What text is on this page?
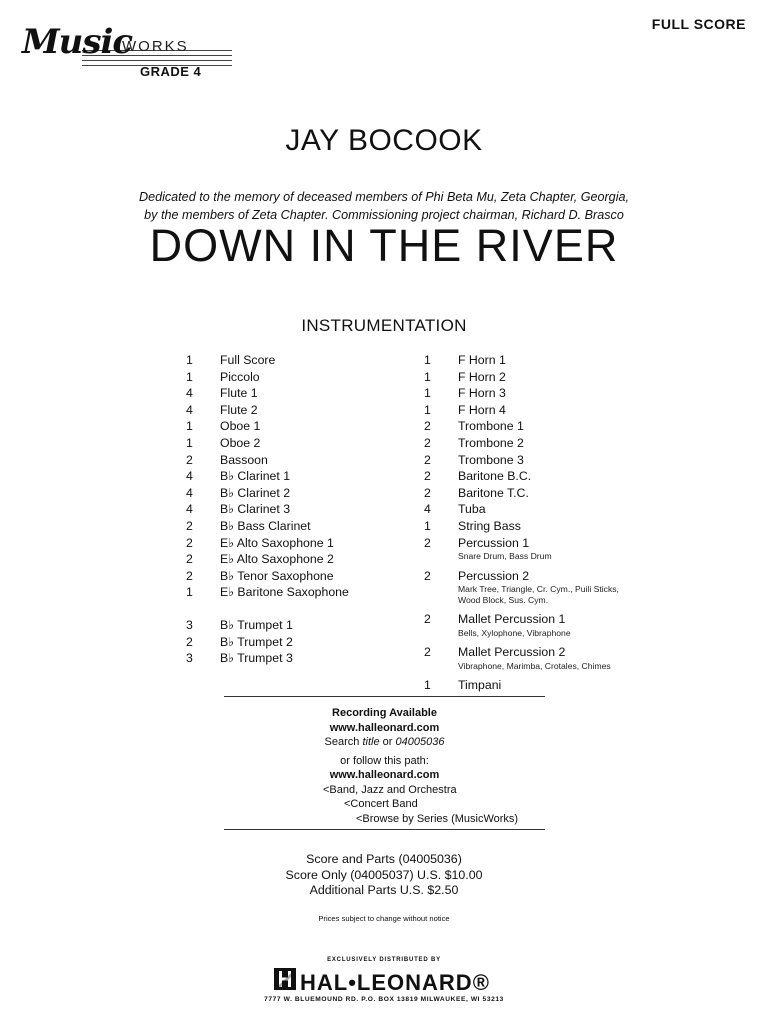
Music
WORKS
GRADE 4
FULL SCORE
JAY BOCOOK
Dedicated to the memory of deceased members of Phi Beta Mu, Zeta Chapter, Georgia,
by the members of Zeta Chapter. Commissioning project chairman, Richard D. Brasco
DOWN IN THE RIVER
INSTRUMENTATION
1	Full Score
1	Piccolo
4	Flute 1
4	Flute 2
1	Oboe 1
1	Oboe 2
2	Bassoon
4	B♭ Clarinet 1
4	B♭ Clarinet 2
4	B♭ Clarinet 3
2	B♭ Bass Clarinet
2	E♭ Alto Saxophone 1
2	E♭ Alto Saxophone 2
2	B♭ Tenor Saxophone
1	E♭ Baritone Saxophone
3	B♭ Trumpet 1
2	B♭ Trumpet 2
3	B♭ Trumpet 3
1	F Horn 1
1	F Horn 2
1	F Horn 3
1	F Horn 4
2	Trombone 1
2	Trombone 2
2	Trombone 3
2	Baritone B.C.
2	Baritone T.C.
4	Tuba
1	String Bass
2	Percussion 1
Snare Drum, Bass Drum
2	Percussion 2
Mark Tree, Triangle, Cr. Cym., Puili Sticks, Wood Block, Sus. Cym.
2	Mallet Percussion 1
Bells, Xylophone, Vibraphone
2	Mallet Percussion 2
Vibraphone, Marimba, Crotales, Chimes
1	Timpani
Recording Available
www.halleonard.com
Search title or 04005036
or follow this path:
www.halleonard.com
<Band, Jazz and Orchestra
<Concert Band
<Browse by Series (MusicWorks)
Score and Parts (04005036)
Score Only (04005037) U.S. $10.00
Additional Parts U.S. $2.50
Prices subject to change without notice
EXCLUSIVELY DISTRIBUTED BY
HAL•LEONARD®
7777 W. BLUEMOUND RD. P.O. BOX 13819 MILWAUKEE, WI 53213
